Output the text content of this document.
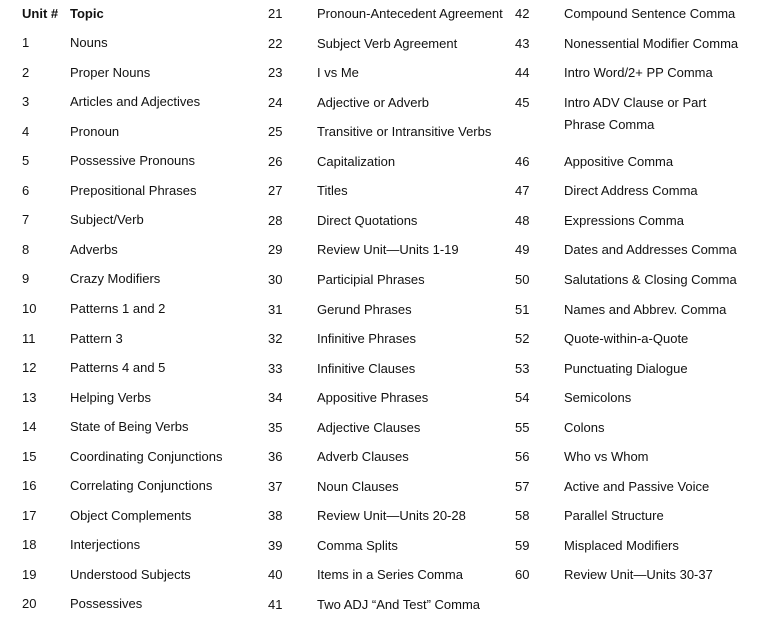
Unit # Topic
1	Nouns
2	Proper Nouns
3	Articles and Adjectives
4	Pronoun
5	Possessive Pronouns
6	Prepositional Phrases
7	Subject/Verb
8	Adverbs
9	Crazy Modifiers
10	Patterns 1 and 2
11	Pattern 3
12	Patterns 4 and 5
13	Helping Verbs
14	State of Being Verbs
15	Coordinating Conjunctions
16	Correlating Conjunctions
17	Object Complements
18	Interjections
19	Understood Subjects
20	Possessives
21	Pronoun-Antecedent Agreement
22	Subject Verb Agreement
23	I vs Me
24	Adjective or Adverb
25	Transitive or Intransitive Verbs
26	Capitalization
27	Titles
28	Direct Quotations
29	Review Unit—Units 1-19
30	Participial Phrases
31	Gerund Phrases
32	Infinitive Phrases
33	Infinitive Clauses
34	Appositive Phrases
35	Adjective Clauses
36	Adverb Clauses
37	Noun Clauses
38	Review Unit—Units 20-28
39	Comma Splits
40	Items in a Series Comma
41	Two ADJ “And Test” Comma
42	Compound Sentence Comma
43	Nonessential Modifier Comma
44	Intro Word/2+ PP Comma
45	Intro ADV Clause or Part Phrase Comma
46	Appositive Comma
47	Direct Address Comma
48	Expressions Comma
49	Dates and Addresses Comma
50	Salutations & Closing Comma
51	Names and Abbrev. Comma
52	Quote-within-a-Quote
53	Punctuating Dialogue
54	Semicolons
55	Colons
56	Who vs Whom
57	Active and Passive Voice
58	Parallel Structure
59	Misplaced Modifiers
60	Review Unit—Units 30-37
